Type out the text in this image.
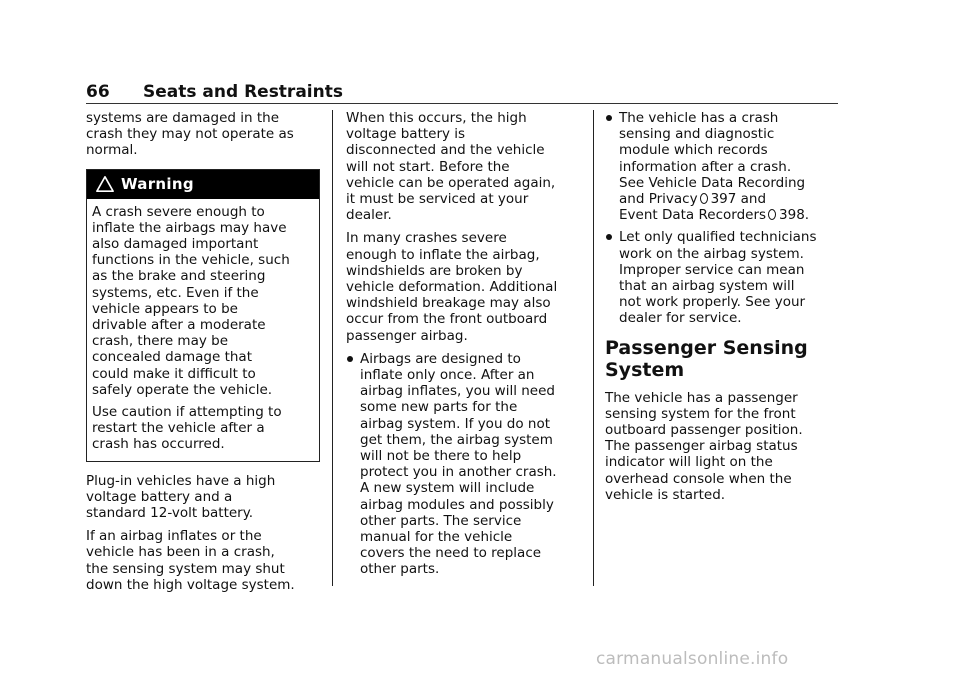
66 Seats and Restraints

systems are damaged in the
crash they may not operate as
normal.

Warning

A crash severe enough to
inflate the airbags may have
also damaged important
functions in the vehicle, such
as the brake and steering
systems, etc. Even if the
vehicle appears to be
drivable after a moderate
crash, there may be
concealed damage that
could make it difficult to
safely operate the vehicle.

Use caution if attempting to
restart the vehicle after a
crash has occurred.

Plug-in vehicles have a high
voltage battery and a
standard 12-volt battery.

If an airbag inflates or the
vehicle has been in a crash,
the sensing system may shut
down the high voltage system.

When this occurs, the high
voltage battery is
disconnected and the vehicle
will not start. Before the
vehicle can be operated again,
it must be serviced at your
dealer.

In many crashes severe
enough to inflate the airbag,
windshields are broken by
vehicle deformation. Additional
windshield breakage may also
occur from the front outboard
passenger airbag.

Airbags are designed to
inflate only once. After an
airbag inflates, you will need
some new parts for the
airbag system. If you do not
get them, the airbag system
will not be there to help
protect you in another crash.
A new system will include
airbag modules and possibly
other parts. The service
manual for the vehicle
covers the need to replace
other parts.

The vehicle has a crash
sensing and diagnostic
module which records
information after a crash.
See Vehicle Data Recording
and Privacy 397 and
Event Data Recorders 398.

Let only qualified technicians
work on the airbag system.
Improper service can mean
that an airbag system will
not work properly. See your
dealer for service.

Passenger Sensing
System

The vehicle has a passenger
sensing system for the front
outboard passenger position.
The passenger airbag status
indicator will light on the
overhead console when the
vehicle is started.

carmanualsonline.info
